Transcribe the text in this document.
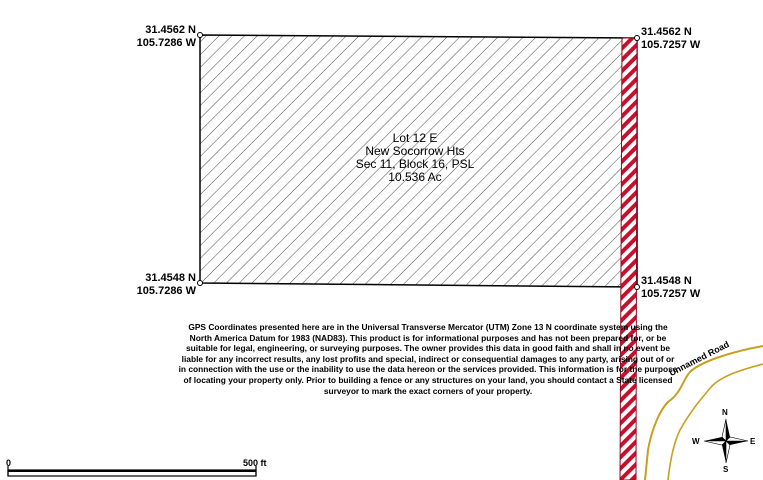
31.4562 N
105.7286 W
31.4562 N
105.7257 W
31.4548 N
105.7286 W
31.4548 N
105.7257 W
Lot 12 E
New Socorrow Hts
Sec 11, Block 16, PSL
10.536 Ac
GPS Coordinates presented here are in the Universal Transverse Mercator (UTM) Zone 13 N coordinate system using the North America Datum for 1983 (NAD83). This product is for informational purposes and has not been prepared for, or be suitable for legal, engineering, or surveying purposes. The owner provides this data in good faith and shall in no event be liable for any incorrect results, any lost profits and special, indirect or consequential damages to any party, arising out of or in connection with the use or the inability to use the data hereon or the services provided. This information is for the purpose of locating your property only. Prior to building a fence or any structures on your land, you should contact a State licensed surveyor to mark the exact corners of your property.
Unnamed Road
N
S
E
W
0	500 ft
